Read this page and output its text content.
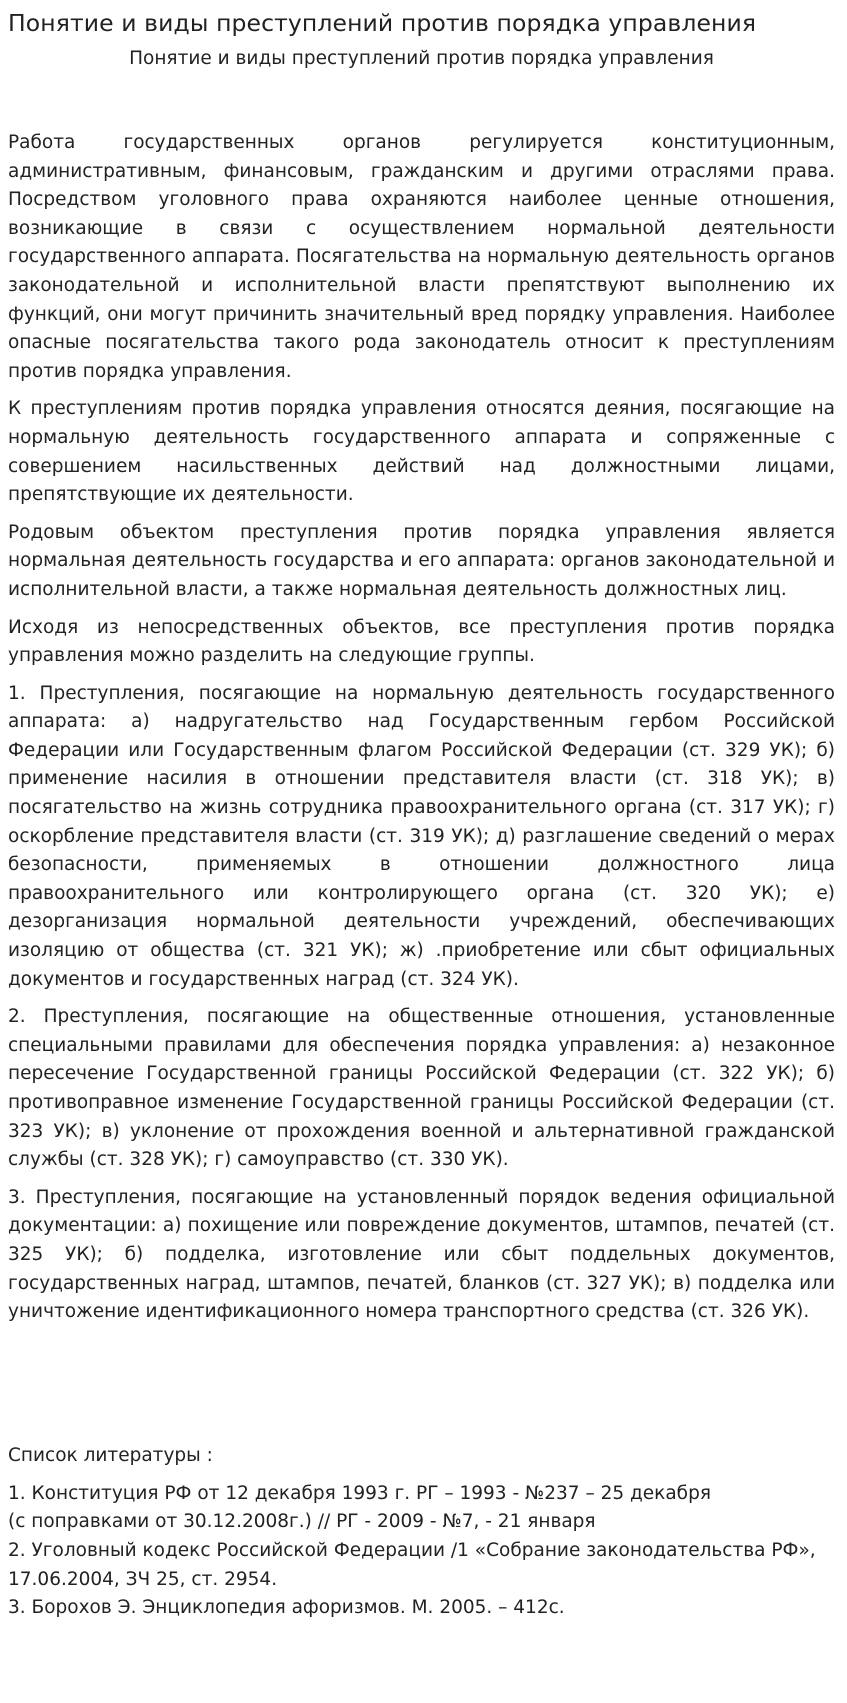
Понятие и виды преступлений против порядка управления

Понятие и виды преступлений против порядка управления

Работа государственных органов регулируется конституционным, административным, финансовым, гражданским и другими отраслями права. Посредством уголовного права охраняются наиболее ценные отношения, возникающие в связи с осуществлением нормальной деятельности государственного аппарата. Посягательства на нормальную деятельность органов законодательной и исполнительной власти препятствуют выполнению их функций, они могут причинить значительный вред порядку управления. Наиболее опасные посягательства такого рода законодатель относит к преступлениям против порядка управления.

К преступлениям против порядка управления относятся деяния, посягающие на нормальную деятельность государственного аппарата и сопряженные с совершением насильственных действий над должностными лицами, препятствующие их деятельности.

Родовым объектом преступления против порядка управления является нормальная деятельность государства и его аппарата: органов законодательной и исполнительной власти, а также нормальная деятельность должностных лиц.

Исходя из непосредственных объектов, все преступления против порядка управления можно разделить на следующие группы.

1. Преступления, посягающие на нормальную деятельность государственного аппарата: а) надругательство над Государственным гербом Российской Федерации или Государственным флагом Российской Федерации (ст. 329 УК); б) применение насилия в отношении представителя власти (ст. 318 УК); в) посягательство на жизнь сотрудника правоохранительного органа (ст. 317 УК); г) оскорбление представителя власти (ст. 319 УК); д) разглашение сведений о мерах безопасности, применяемых в отношении должностного лица правоохранительного или контролирующего органа (ст. 320 УК); е) дезорганизация нормальной деятельности учреждений, обеспечивающих изоляцию от общества (ст. 321 УК); ж) .приобретение или сбыт официальных документов и государственных наград (ст. 324 УК).

2. Преступления, посягающие на общественные отношения, установленные специальными правилами для обеспечения порядка управления: а) незаконное пересечение Государственной границы Российской Федерации (ст. 322 УК); б) противоправное изменение Государственной границы Российской Федерации (ст. 323 УК); в) уклонение от прохождения военной и альтернативной гражданской службы (ст. 328 УК); г) самоуправство (ст. 330 УК).

3. Преступления, посягающие на установленный порядок ведения официальной документации: а) похищение или повреждение документов, штампов, печатей (ст. 325 УК); б) подделка, изготовление или сбыт поддельных документов, государственных наград, штампов, печатей, бланков (ст. 327 УК); в) подделка или уничтожение идентификационного номера транспортного средства (ст. 326 УК).

Список литературы :

1. Конституция РФ от 12 декабря 1993 г. РГ – 1993 - №237 – 25 декабря

(с поправками от 30.12.2008г.) // РГ - 2009 - №7, - 21 января

2. Уголовный кодекс Российской Федерации /1 «Собрание законодательства РФ»,

17.06.2004, ЗЧ 25, ст. 2954.

3. Борохов Э. Энциклопедия афоризмов. М. 2005. – 412с.
